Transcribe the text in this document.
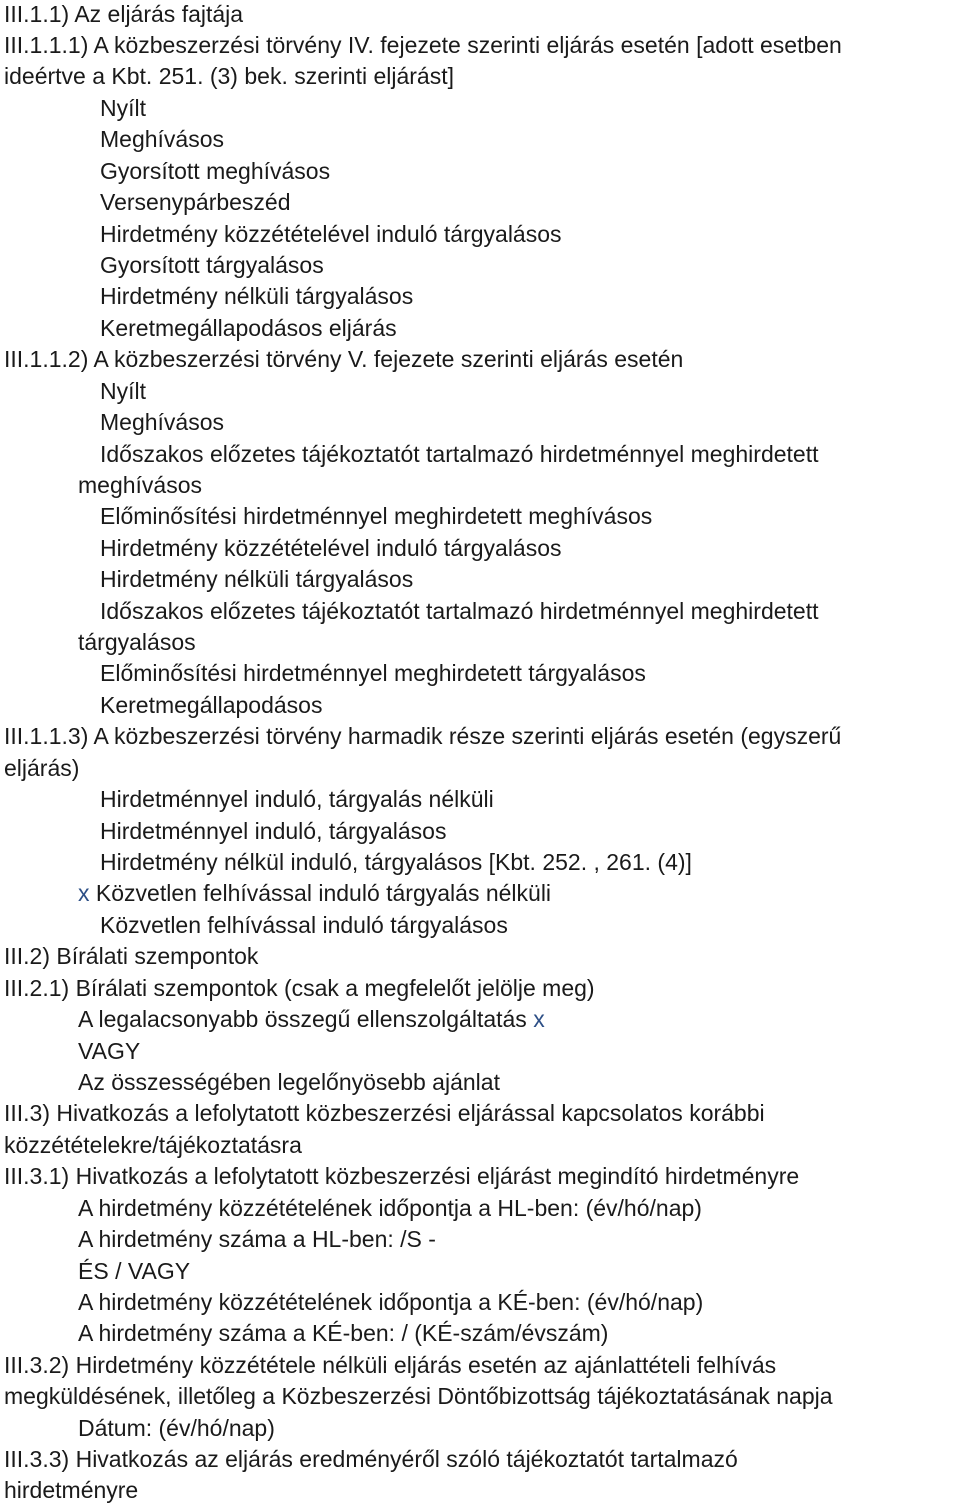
III.1.1) Az eljárás fajtája
III.1.1.1) A közbeszerzési törvény IV. fejezete szerinti eljárás esetén [adott esetben
ideértve a Kbt. 251. (3) bek. szerinti eljárást]
Nyílt
Meghívásos
Gyorsított meghívásos
Versenypárbeszéd
Hirdetmény közzétételével induló tárgyalásos
Gyorsított tárgyalásos
Hirdetmény nélküli tárgyalásos
Keretmegállapodásos eljárás
III.1.1.2) A közbeszerzési törvény V. fejezete szerinti eljárás esetén
Nyílt
Meghívásos
Időszakos előzetes tájékoztatót tartalmazó hirdetménnyel meghirdetett
meghívásos
Előminősítési hirdetménnyel meghirdetett meghívásos
Hirdetmény közzétételével induló tárgyalásos
Hirdetmény nélküli tárgyalásos
Időszakos előzetes tájékoztatót tartalmazó hirdetménnyel meghirdetett
tárgyalásos
Előminősítési hirdetménnyel meghirdetett tárgyalásos
Keretmegállapodásos
III.1.1.3) A közbeszerzési törvény harmadik része szerinti eljárás esetén (egyszerű
eljárás)
Hirdetménnyel induló, tárgyalás nélküli
Hirdetménnyel induló, tárgyalásos
Hirdetmény nélkül induló, tárgyalásos [Kbt. 252. , 261. (4)]
x Közvetlen felhívással induló tárgyalás nélküli
Közvetlen felhívással induló tárgyalásos
III.2) Bírálati szempontok
III.2.1) Bírálati szempontok (csak a megfelelőt jelölje meg)
A legalacsonyabb összegű ellenszolgáltatás x
VAGY
Az összességében legelőnyösebb ajánlat
III.3) Hivatkozás a lefolytatott közbeszerzési eljárással kapcsolatos korábbi
közzétételekre/tájékoztatásra
III.3.1) Hivatkozás a lefolytatott közbeszerzési eljárást megindító hirdetményre
A hirdetmény közzétételének időpontja a HL-ben: (év/hó/nap)
A hirdetmény száma a HL-ben: /S -
ÉS / VAGY
A hirdetmény közzétételének időpontja a KÉ-ben: (év/hó/nap)
A hirdetmény száma a KÉ-ben: / (KÉ-szám/évszám)
III.3.2) Hirdetmény közzététele nélküli eljárás esetén az ajánlattételi felhívás
megküldésének, illetőleg a Közbeszerzési Döntőbizottság tájékoztatásának napja
Dátum: (év/hó/nap)
III.3.3) Hivatkozás az eljárás eredményéről szóló tájékoztatót tartalmazó
hirdetményre
